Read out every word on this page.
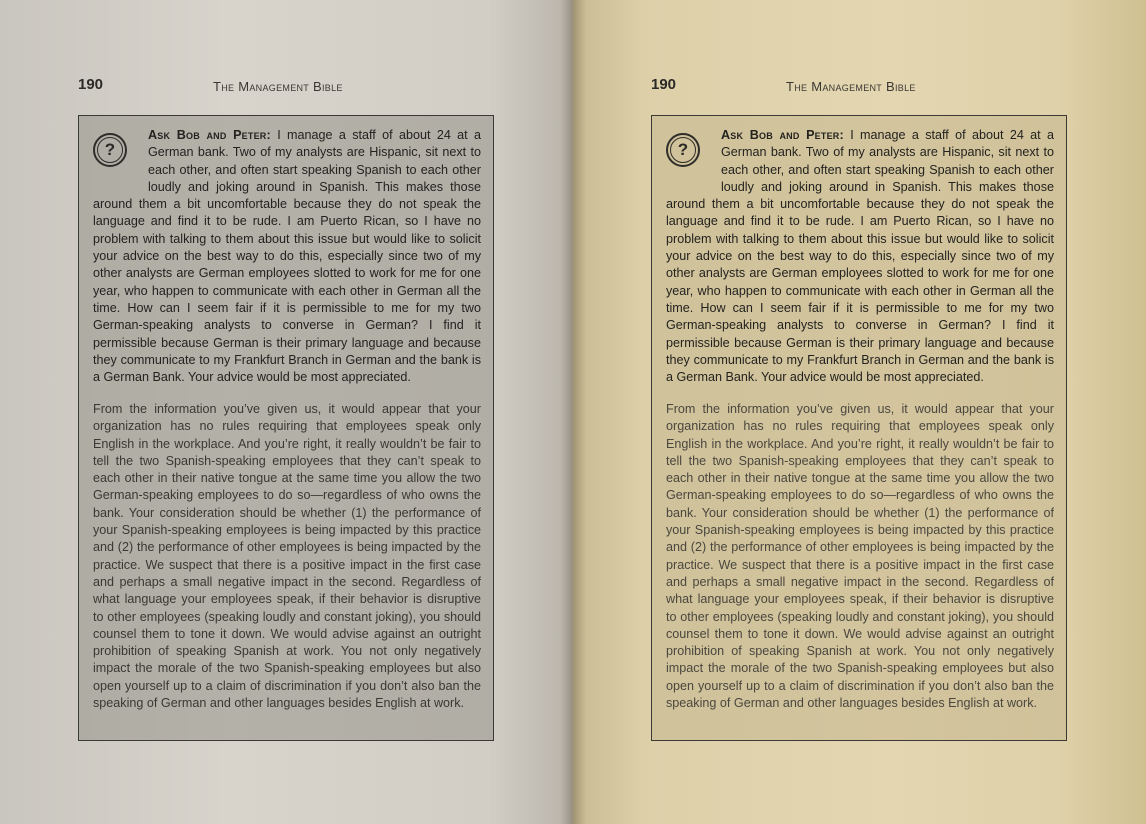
190	The Management Bible
?

Ask Bob and Peter: I manage a staff of about 24 at a German bank. Two of my analysts are Hispanic, sit next to each other, and often start speaking Spanish to each other loudly and joking around in Spanish. This makes those around them a bit uncomfortable because they do not speak the language and find it to be rude. I am Puerto Rican, so I have no problem with talking to them about this issue but would like to solicit your advice on the best way to do this, especially since two of my other analysts are German employees slotted to work for me for one year, who happen to communicate with each other in German all the time. How can I seem fair if it is permissible to me for my two German-speaking analysts to converse in German? I find it permissible because German is their primary language and because they communicate to my Frankfurt Branch in German and the bank is a German Bank. Your advice would be most appreciated.

From the information you’ve given us, it would appear that your organization has no rules requiring that employees speak only English in the workplace. And you’re right, it really wouldn’t be fair to tell the two Spanish-speaking employees that they can’t speak to each other in their native tongue at the same time you allow the two German-speaking employees to do so—regardless of who owns the bank. Your consideration should be whether (1) the performance of your Spanish-speaking employees is being impacted by this practice and (2) the performance of other employees is being impacted by the practice. We suspect that there is a positive impact in the first case and perhaps a small negative impact in the second. Regardless of what language your employees speak, if their behavior is disruptive to other employees (speaking loudly and constant joking), you should counsel them to tone it down. We would advise against an outright prohibition of speaking Spanish at work. You not only negatively impact the morale of the two Spanish-speaking employees but also open yourself up to a claim of discrimination if you don’t also ban the speaking of German and other languages besides English at work.

190	The Management Bible
?

Ask Bob and Peter: I manage a staff of about 24 at a German bank. Two of my analysts are Hispanic, sit next to each other, and often start speaking Spanish to each other loudly and joking around in Spanish. This makes those around them a bit uncomfortable because they do not speak the language and find it to be rude. I am Puerto Rican, so I have no problem with talking to them about this issue but would like to solicit your advice on the best way to do this, especially since two of my other analysts are German employees slotted to work for me for one year, who happen to communicate with each other in German all the time. How can I seem fair if it is permissible to me for my two German-speaking analysts to converse in German? I find it permissible because German is their primary language and because they communicate to my Frankfurt Branch in German and the bank is a German Bank. Your advice would be most appreciated.

From the information you’ve given us, it would appear that your organization has no rules requiring that employees speak only English in the workplace. And you’re right, it really wouldn’t be fair to tell the two Spanish-speaking employees that they can’t speak to each other in their native tongue at the same time you allow the two German-speaking employees to do so—regardless of who owns the bank. Your consideration should be whether (1) the performance of your Spanish-speaking employees is being impacted by this practice and (2) the performance of other employees is being impacted by the practice. We suspect that there is a positive impact in the first case and perhaps a small negative impact in the second. Regardless of what language your employees speak, if their behavior is disruptive to other employees (speaking loudly and constant joking), you should counsel them to tone it down. We would advise against an outright prohibition of speaking Spanish at work. You not only negatively impact the morale of the two Spanish-speaking employees but also open yourself up to a claim of discrimination if you don’t also ban the speaking of German and other languages besides English at work.
